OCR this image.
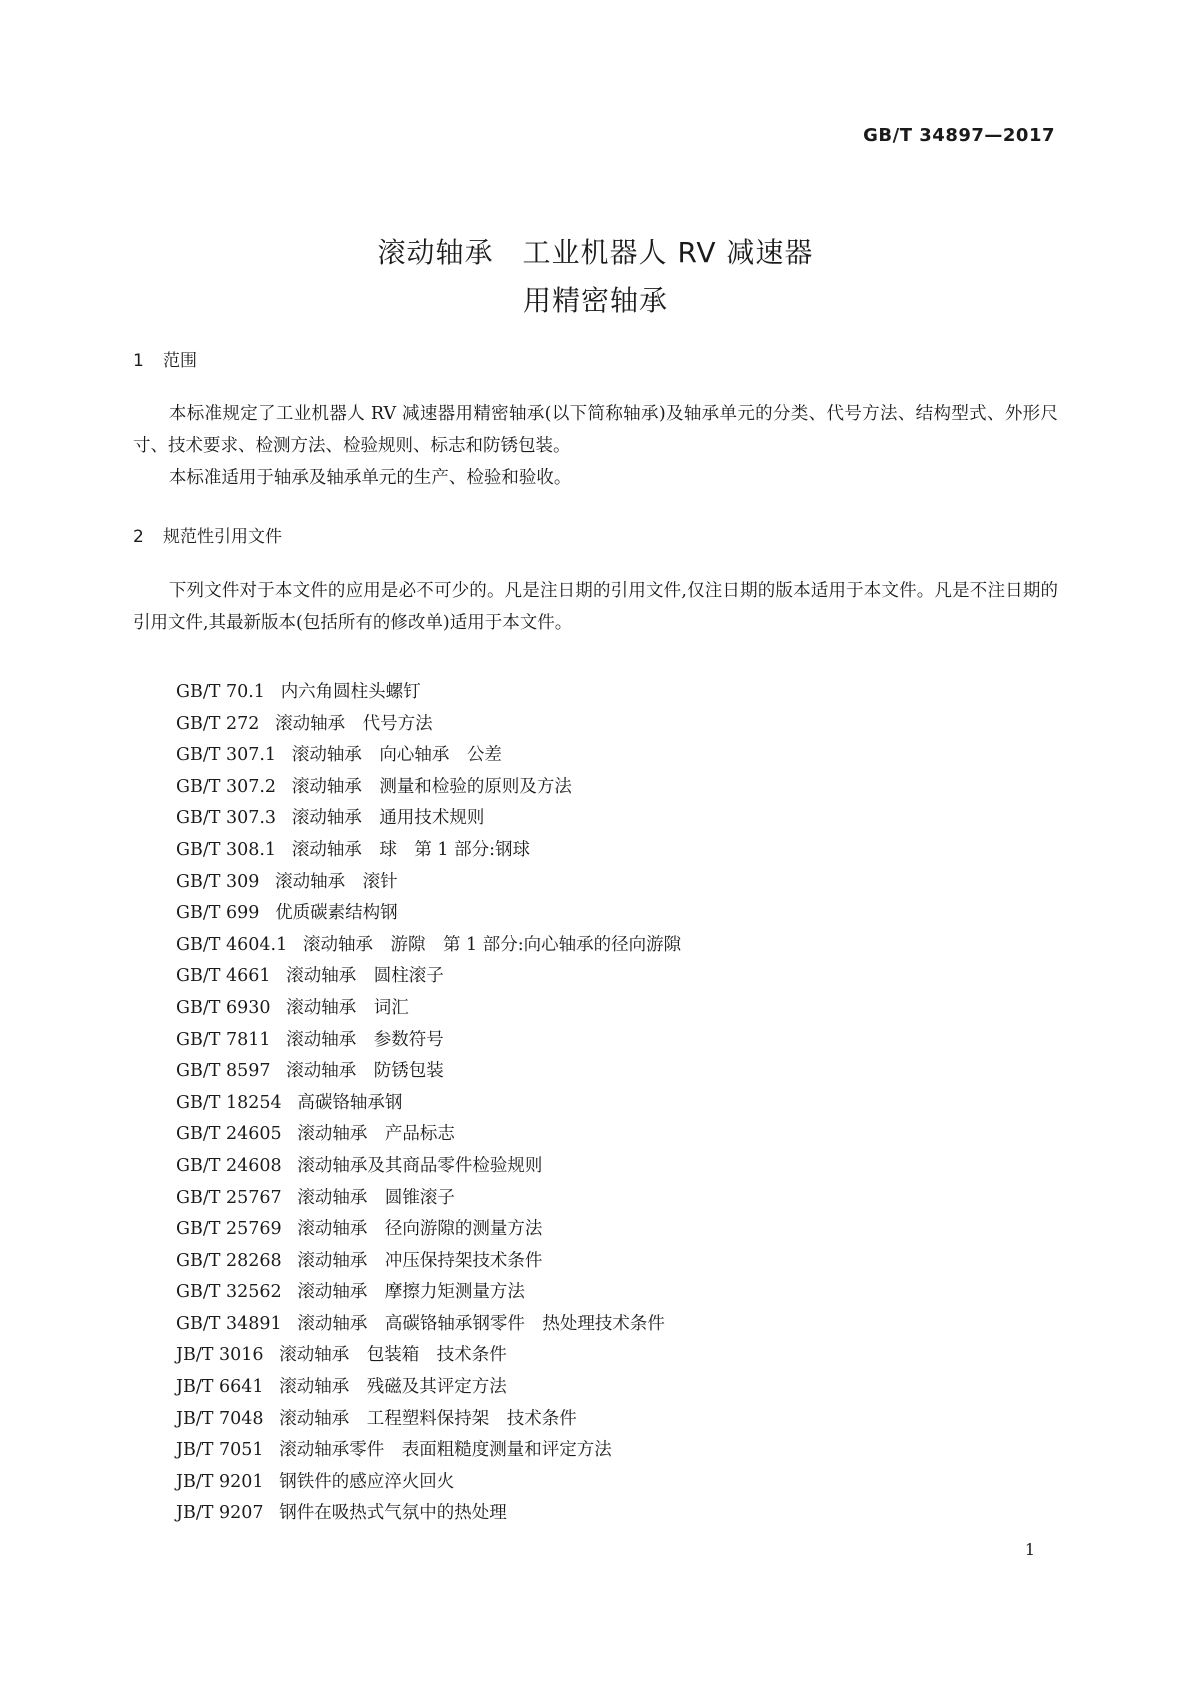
GB/T 34897—2017
滚动轴承　工业机器人 RV 减速器
用精密轴承
1 范围

本标准规定了工业机器人 RV 减速器用精密轴承(以下简称轴承)及轴承单元的分类、代号方法、结构型式、外形尺寸、技术要求、检测方法、检验规则、标志和防锈包装。

本标准适用于轴承及轴承单元的生产、检验和验收。

2 规范性引用文件

下列文件对于本文件的应用是必不可少的。凡是注日期的引用文件,仅注日期的版本适用于本文件。凡是不注日期的引用文件,其最新版本(包括所有的修改单)适用于本文件。

GB/T 70.1 内六角圆柱头螺钉
GB/T 272 滚动轴承　代号方法
GB/T 307.1 滚动轴承　向心轴承　公差
GB/T 307.2 滚动轴承　测量和检验的原则及方法
GB/T 307.3 滚动轴承　通用技术规则
GB/T 308.1 滚动轴承　球　第 1 部分:钢球
GB/T 309 滚动轴承　滚针
GB/T 699 优质碳素结构钢
GB/T 4604.1 滚动轴承　游隙　第 1 部分:向心轴承的径向游隙
GB/T 4661 滚动轴承　圆柱滚子
GB/T 6930 滚动轴承　词汇
GB/T 7811 滚动轴承　参数符号
GB/T 8597 滚动轴承　防锈包装
GB/T 18254 高碳铬轴承钢
GB/T 24605 滚动轴承　产品标志
GB/T 24608 滚动轴承及其商品零件检验规则
GB/T 25767 滚动轴承　圆锥滚子
GB/T 25769 滚动轴承　径向游隙的测量方法
GB/T 28268 滚动轴承　冲压保持架技术条件
GB/T 32562 滚动轴承　摩擦力矩测量方法
GB/T 34891 滚动轴承　高碳铬轴承钢零件　热处理技术条件
JB/T 3016 滚动轴承　包装箱　技术条件
JB/T 6641 滚动轴承　残磁及其评定方法
JB/T 7048 滚动轴承　工程塑料保持架　技术条件
JB/T 7051 滚动轴承零件　表面粗糙度测量和评定方法
JB/T 9201 钢铁件的感应淬火回火
JB/T 9207 钢件在吸热式气氛中的热处理
1
